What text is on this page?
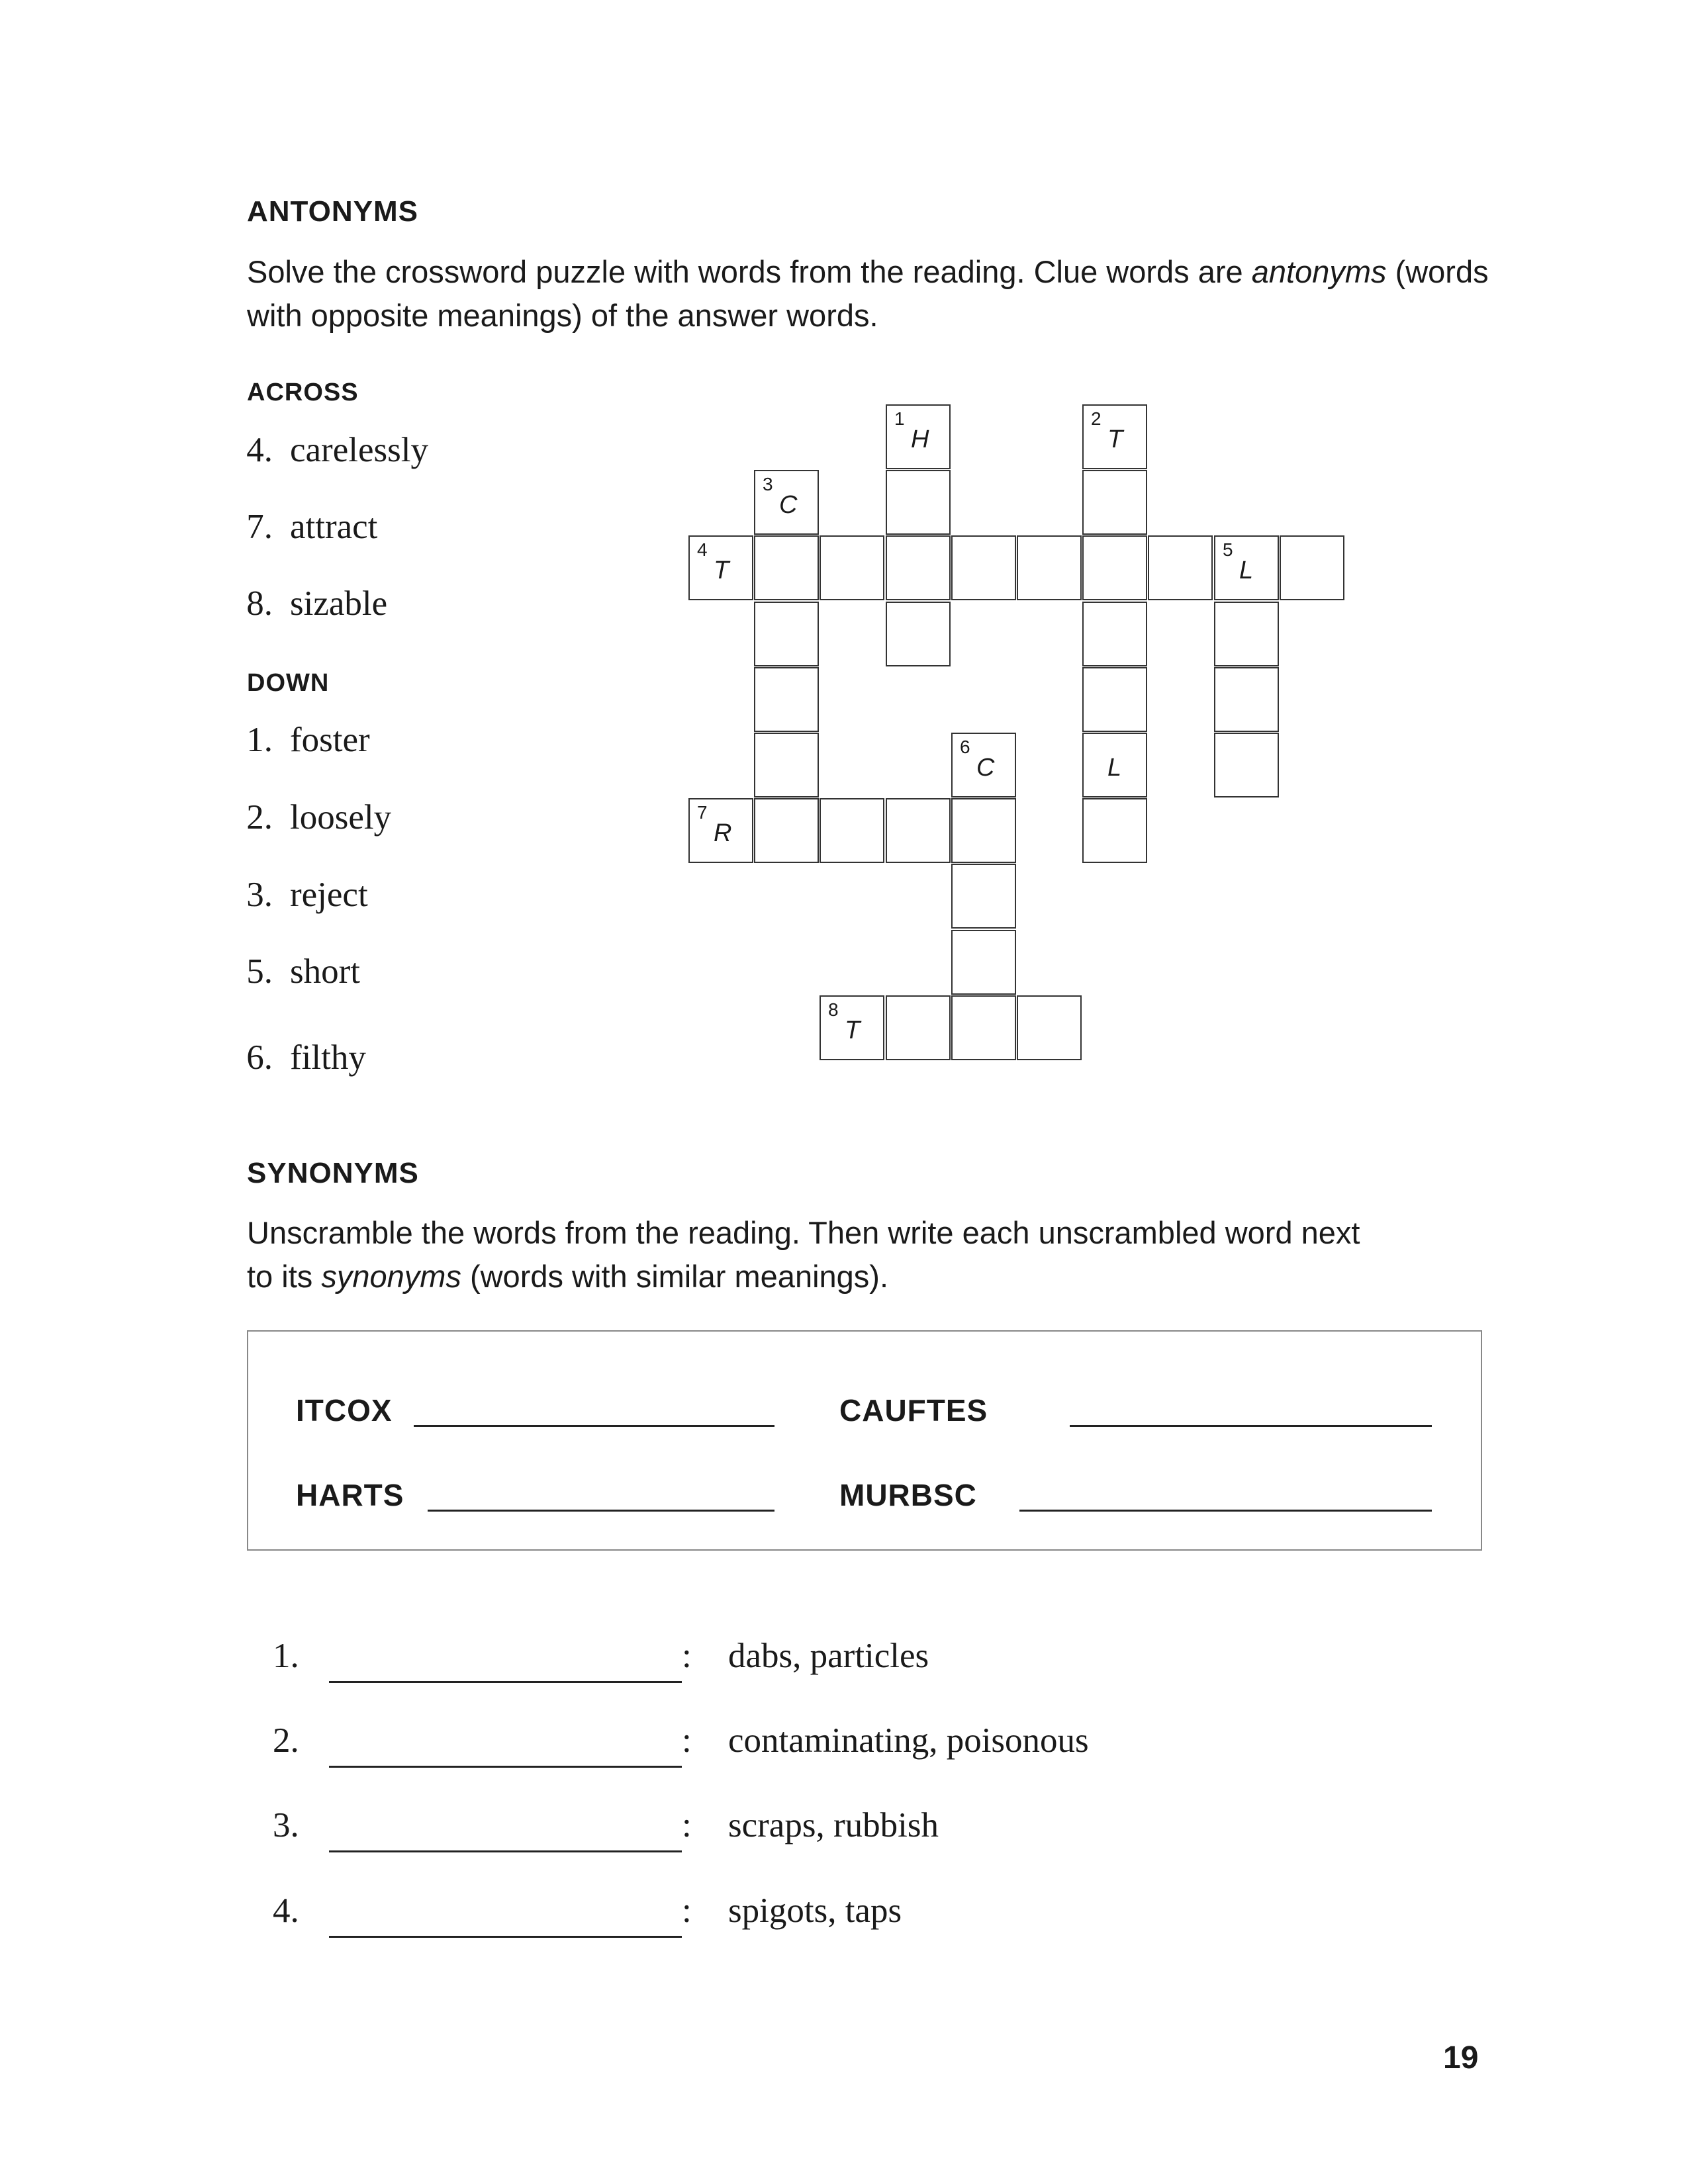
ANTONYMS
Solve the crossword puzzle with words from the reading. Clue words are antonyms (words with opposite meanings) of the answer words.
ACROSS
4. carelessly
7. attract
8. sizable
DOWN
1. foster
2. loosely
3. reject
5. short
6. filthy
1
H
2
T
3
C
4
T
5
L
6
C	L
7
R
8
T
SYNONYMS
Unscramble the words from the reading. Then write each unscrambled word next to its synonyms (words with similar meanings).
ITCOX	CAUFTES
HARTS	MURBSC
1.	: dabs, particles
2.	: contaminating, poisonous
3.	: scraps, rubbish
4.	: spigots, taps
19
